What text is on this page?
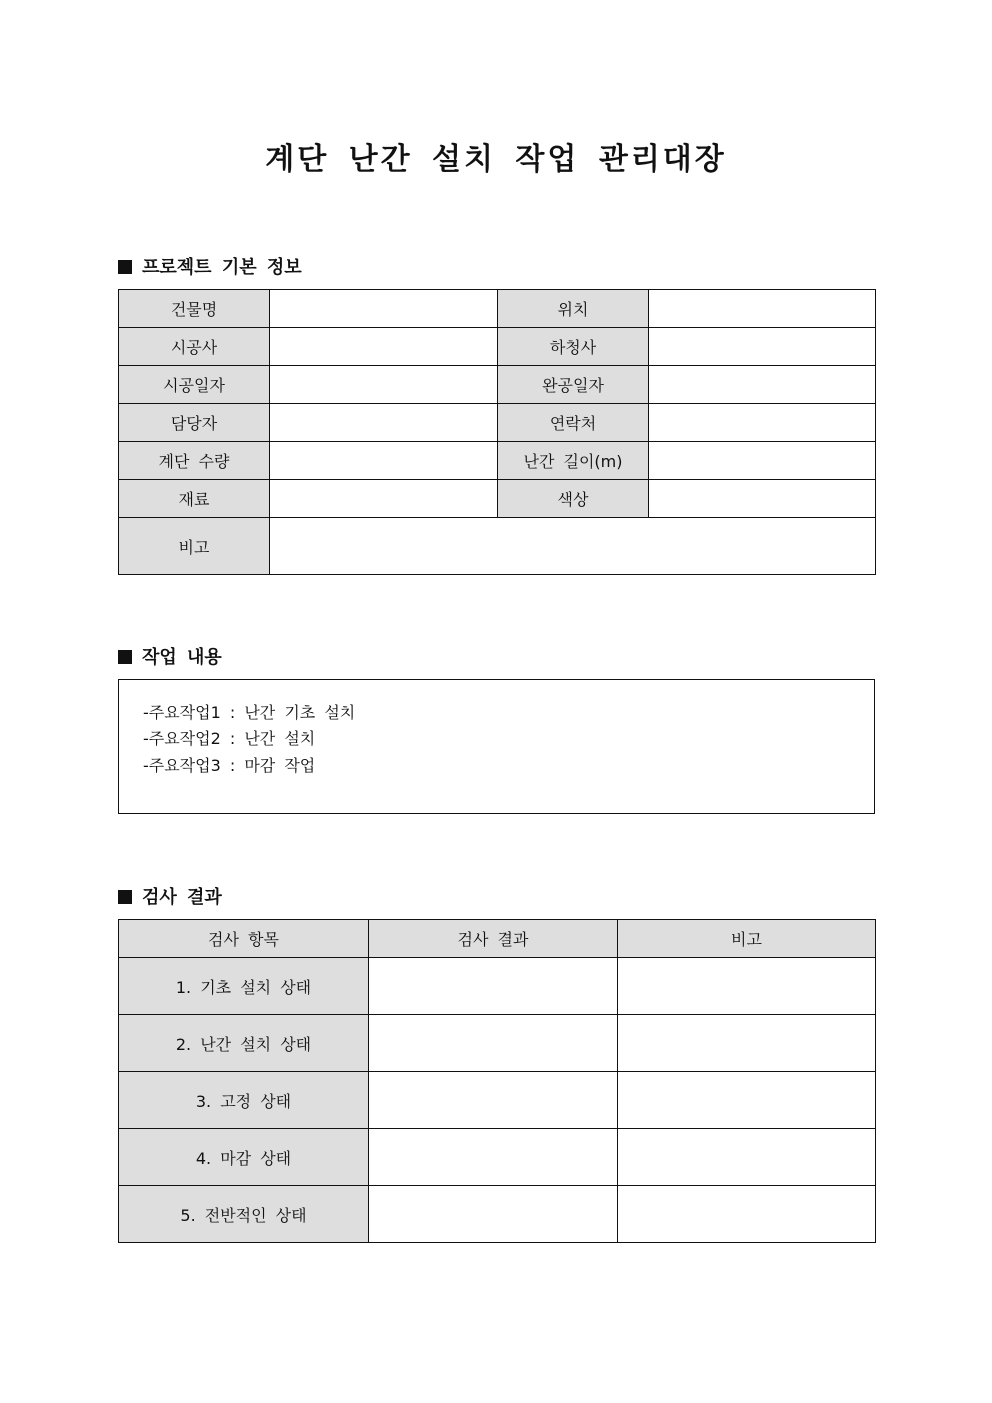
계단 난간 설치 작업 관리대장
프로젝트 기본 정보
건물명		위치	
시공사		하청사	
시공일자		완공일자	
담당자		연락처	
계단 수량		난간 길이(m)	
재료		색상	
비고			
작업 내용
-주요작업1 : 난간 기초 설치
-주요작업2 : 난간 설치
-주요작업3 : 마감 작업
검사 결과
검사 항목	검사 결과	비고
1. 기초 설치 상태		
2. 난간 설치 상태		
3. 고정 상태		
4. 마감 상태		
5. 전반적인 상태		
